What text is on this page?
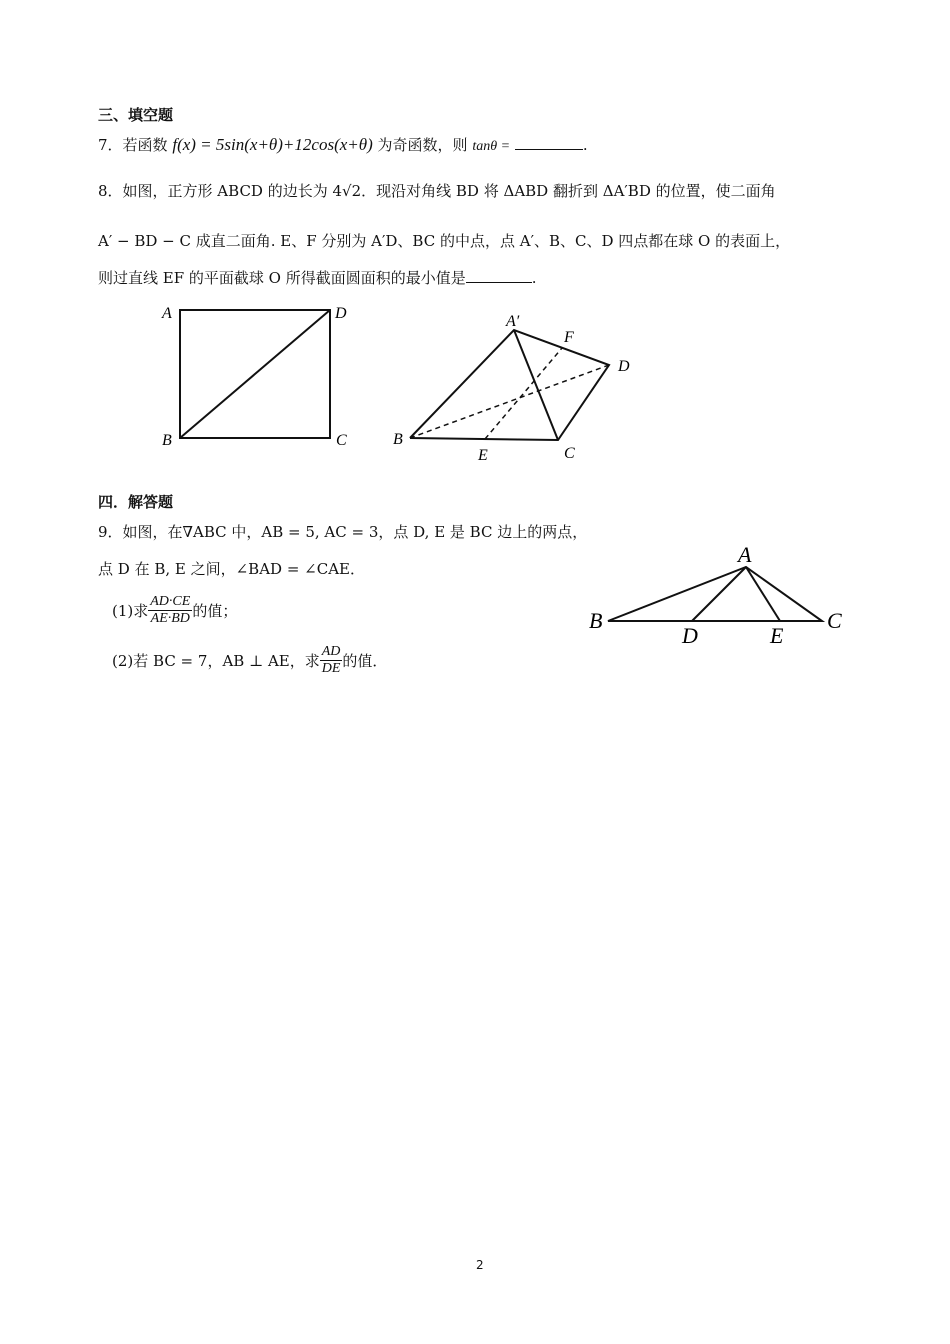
三、填空题
7．若函数 f(x) = 5sin(x+θ)+12cos(x+θ) 为奇函数，则 tanθ =	.
8．如图，正方形 ABCD 的边长为 4√2．现沿对角线 BD 将 ΔABD 翻折到 ΔA′BD 的位置，使二面角
A′ − BD − C 成直二面角. E、F 分别为 A′D、BC 的中点，点 A′、B、C、D 四点都在球 O 的表面上，
则过直线 EF 的平面截球 O 所得截面圆面积的最小值是	.
A	D
B	C
A′
F
D
B
E	C
四．解答题
9．如图，在∇ABC 中，AB = 5, AC = 3，点 D, E 是 BC 边上的两点，
点 D 在 B, E 之间，∠BAD = ∠CAE．
(1)求 $\frac{AD\cdot CE}{AE\cdot BD}$ 的值；
(2)若 BC = 7，AB ⊥ AE，求 $\frac{AD}{DE}$ 的值．
A
B	C
D	E
2
